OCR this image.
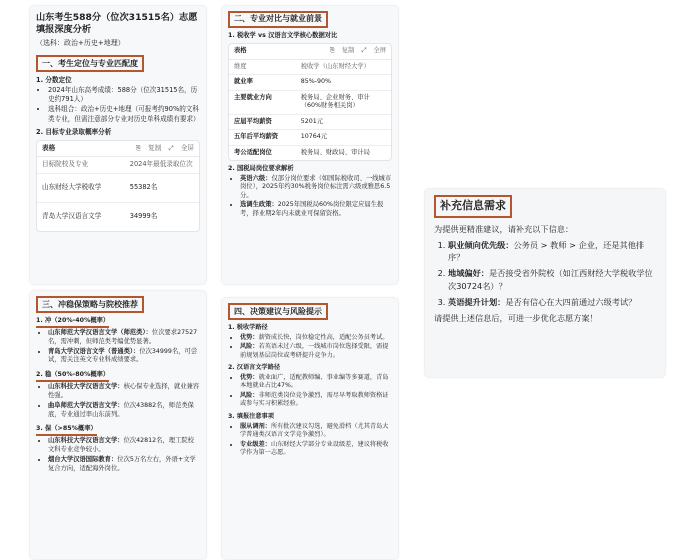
山东考生588分（位次31515名）志愿填报深度分析
（选科：政治+历史+地理）
一、考生定位与专业匹配度
1. 分数定位
• 2024年山东高考成绩：588分（位次31515名，历史约791人）
• 选科组合：政治+历史+地理（可报考约90%的文科类专业，但需注意部分专业对历史单科成绩有要求）
2. 目标专业录取概率分析
表格	⎘ 复制 ⤢ 全屏
目标院校及专业	2024年最低录取位次
山东财经大学税收学	55382名
青岛大学汉语言文学	34999名
二、专业对比与就业前景
1. 税收学 vs 汉语言文学核心数据对比
表格	⎘ 复制 ⤢ 全屏
维度	税收学（山东财经大学）
就业率	85%-90%
主要就业方向	税务局、企业财务、审计（60%财务相关岗）
应届平均薪资	5201元
五年后平均薪资	10764元
考公适配岗位	税务局、财政局、审计局
2. 国税局岗位要求解析
• 英语六级：仅部分岗位要求（如国际税收司、一线城市岗位），2025年约30%税务岗位标注需六级或雅思6.5分。
• 选调生政策：2025年国税局60%岗位限定应届生报考，择业期2年内未就业可保留资格。
三、冲稳保策略与院校推荐
1. 冲（20%-40%概率）
• 山东师范大学汉语言文学（师范类）：位次要求27527名，需冲刺，但师范类考编优势显著。
• 青岛大学汉语言文学（普通类）：位次34999名，可尝试，需关注英文专业科成绩要求。
2. 稳（50%-80%概率）
• 山东科技大学汉语言文学：核心保专业选择，就业兼容性强。
• 曲阜师范大学汉语言文学：位次43882名，师范类保底，专业通过率山东前列。
3. 保（>85%概率）
• 山东科技大学汉语言文学：位次42812名，理工院校文科专业竞争较小。
• 烟台大学汉语国际教育：位次5万名左右，外语+文学复合方向，适配海外岗位。
四、决策建议与风险提示
1. 税收学路径
• 优势：薪资成长快，岗位稳定性高，适配公务员考试。
• 风险：若英语未过六级，一线城市岗位选择受限，需提前规划基层岗位或考研提升竞争力。
2. 汉语言文学路径
• 优势：就业面广，适配教师编、事业编等多赛道，青岛本地就业占比47%。
• 风险：非师范类岗位竞争激烈，需尽早考取教师资格证或参与实习积累经验。
3. 填报注意事项
• 服从调剂：所有批次建议勾选，避免滑档（尤其青岛大学普通类汉语言文学竞争激烈）。
• 专业级差：山东财经大学部分专业设级差，建议将税收学作为第一志愿。
补充信息需求
为提供更精准建议，请补充以下信息：
1. 职业倾向优先级：公务员 > 教师 > 企业，还是其他排序？
2. 地域偏好：是否接受省外院校（如江西财经大学税收学位次30724名）？
3. 英语提升计划：是否有信心在大四前通过六级考试？
请提供上述信息后，可进一步优化志愿方案！
